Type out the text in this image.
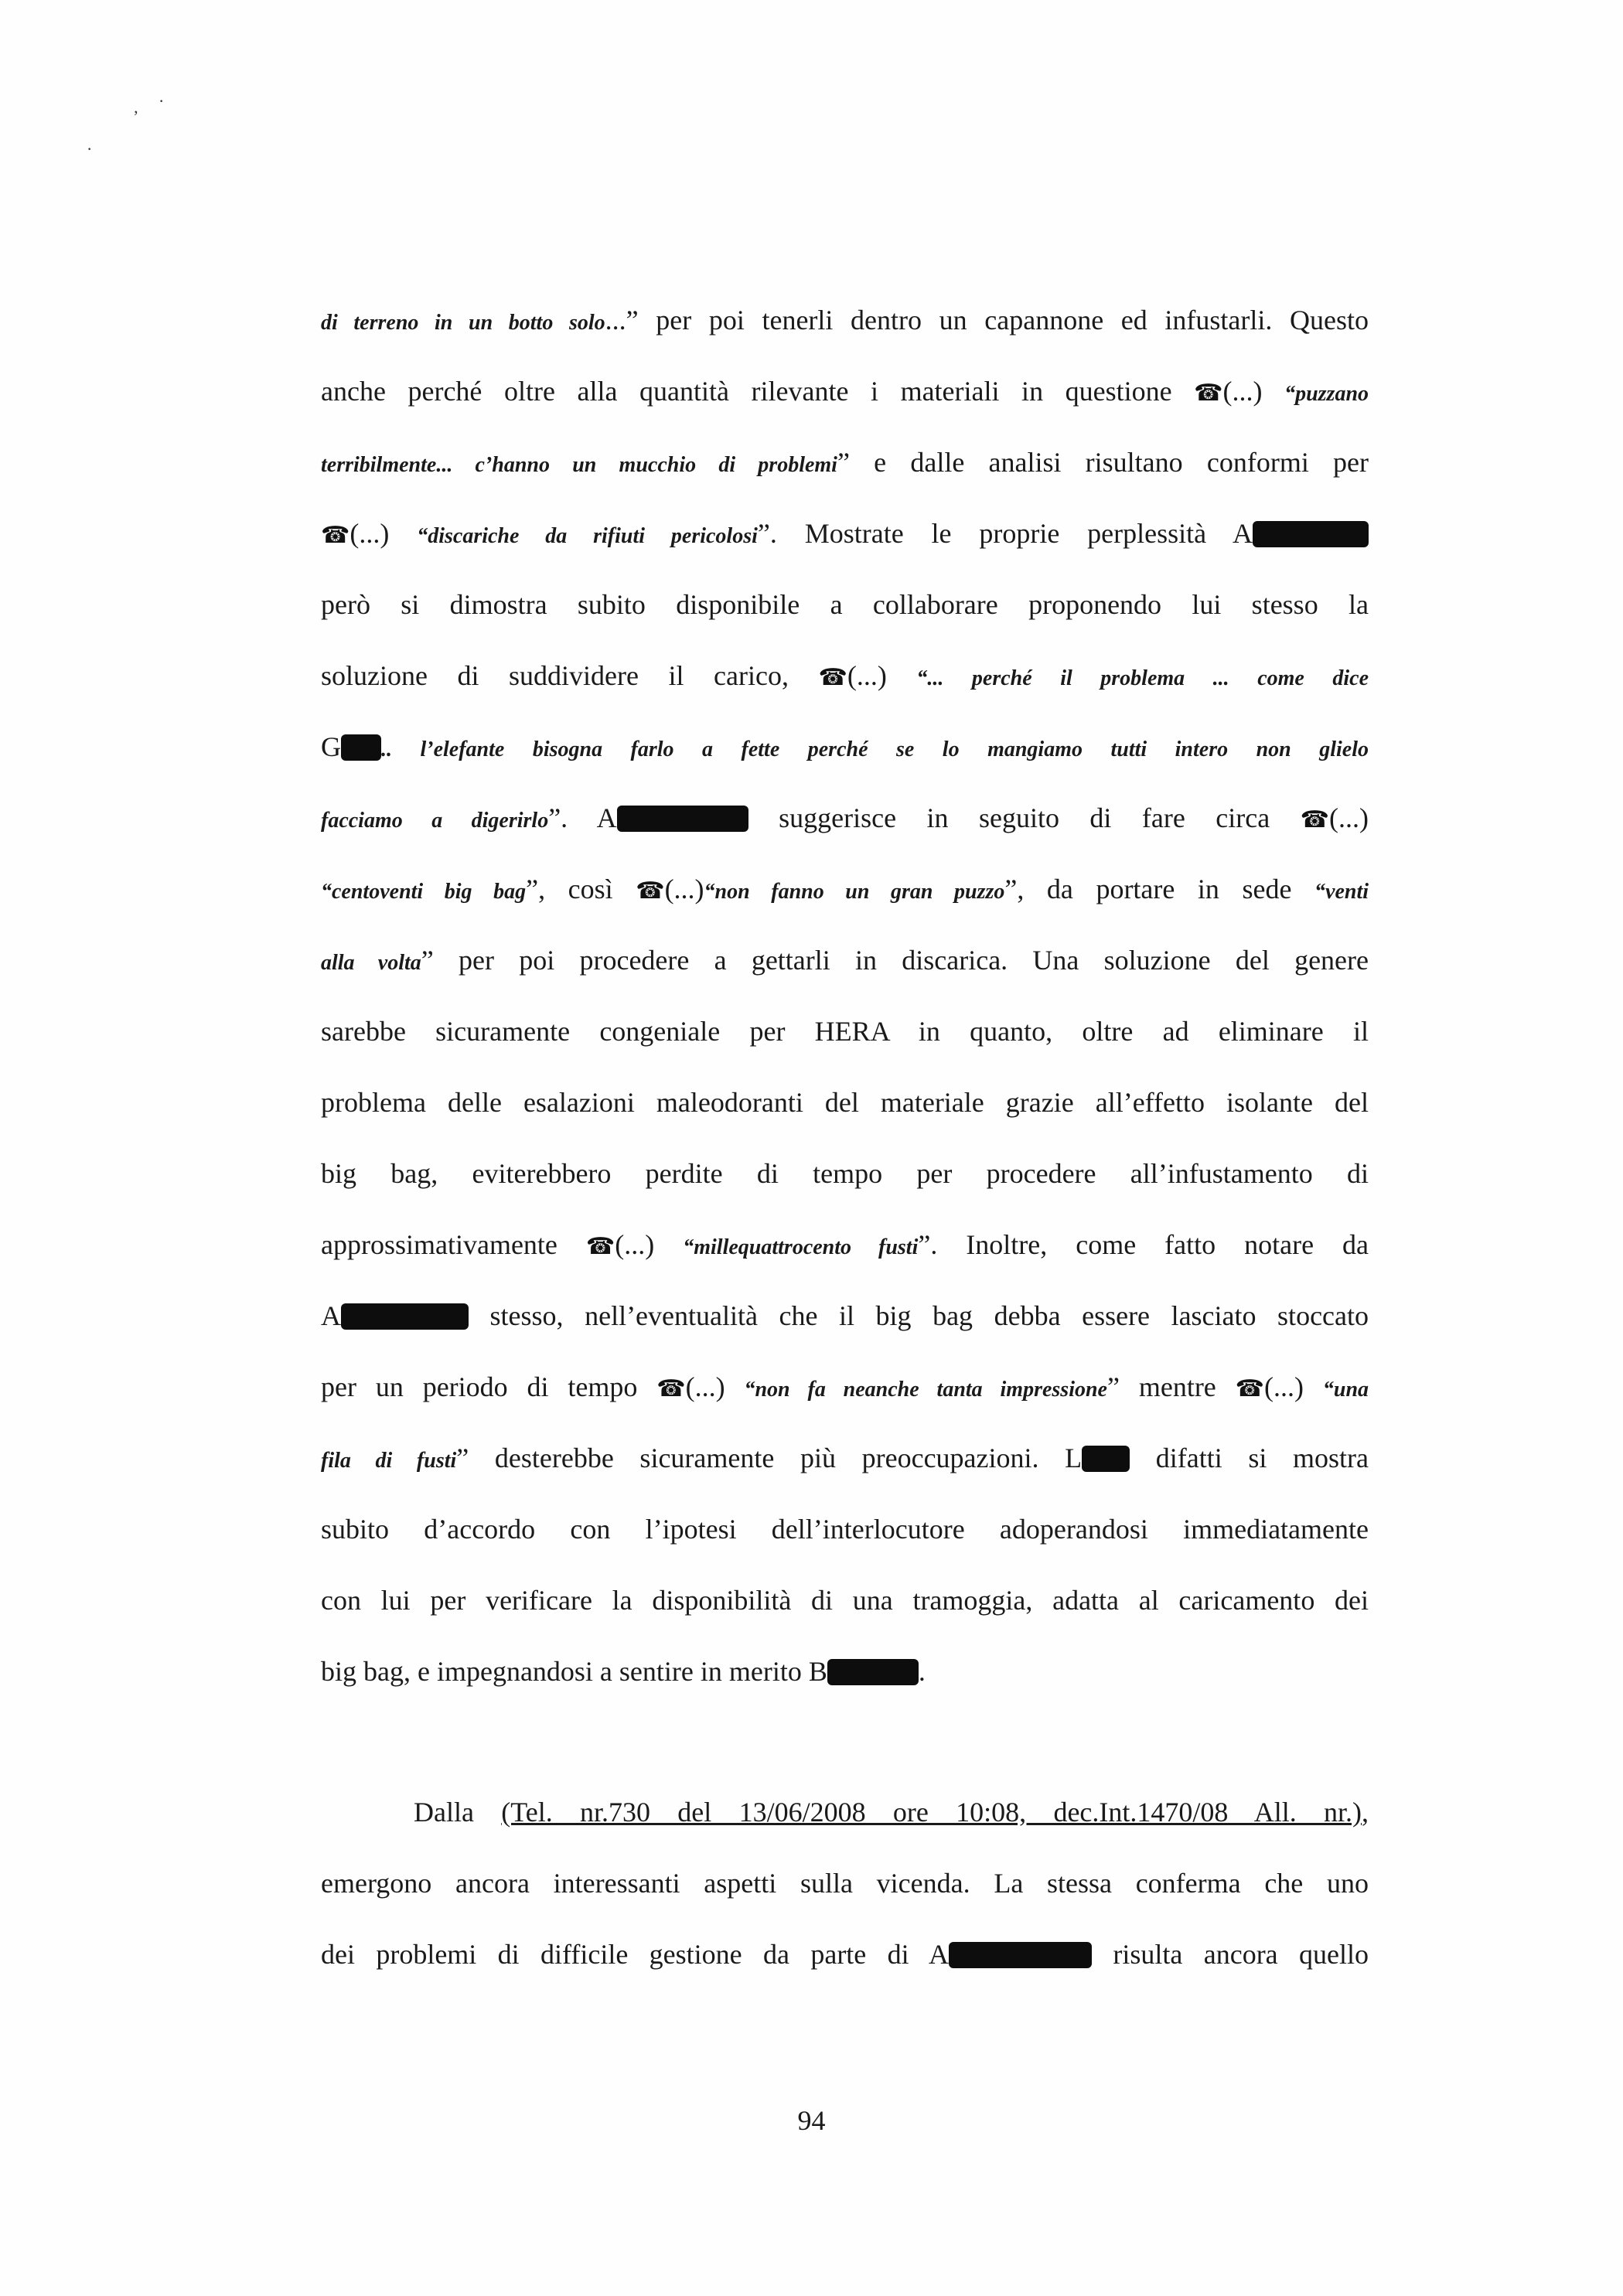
’
·
·
di terreno in un botto solo...” per poi tenerli dentro un capannone ed infustarli. Questo
anche perché oltre alla quantità rilevante i materiali in questione ☎(...) “puzzano
terribilmente... c’hanno un mucchio di problemi” e dalle analisi risultano conformi per
☎(...) “discariche da rifiuti pericolosi”. Mostrate le proprie perplessità A
però si dimostra subito disponibile a collaborare proponendo lui stesso la
soluzione di suddividere il carico, ☎(...) “... perché il problema ... come dice
G .. l’elefante bisogna farlo a fette perché se lo mangiamo tutti intero non glielo
facciamo a digerirlo”. A	suggerisce in seguito di fare circa ☎(...)
“centoventi big bag”, così ☎(...)“non fanno un gran puzzo”, da portare in sede “venti
alla volta” per poi procedere a gettarli in discarica. Una soluzione del genere
sarebbe sicuramente congeniale per HERA in quanto, oltre ad eliminare il
problema delle esalazioni maleodoranti del materiale grazie all’effetto isolante del
big bag, eviterebbero perdite di tempo per procedere all’infustamento di
approssimativamente ☎(...) “millequattrocento fusti”. Inoltre, come fatto notare da
A	stesso, nell’eventualità che il big bag debba essere lasciato stoccato
per un periodo di tempo ☎(...) “non fa neanche tanta impressione” mentre ☎(...) “una
fila di fusti” desterebbe sicuramente più preoccupazioni. L	difatti si mostra
subito d’accordo con l’ipotesi dell’interlocutore adoperandosi immediatamente
con lui per verificare la disponibilità di una tramoggia, adatta al caricamento dei
big bag, e impegnandosi a sentire in merito B	.
Dalla (Tel. nr.730 del 13/06/2008 ore 10:08, dec.Int.1470/08 All. nr.),
emergono ancora interessanti aspetti sulla vicenda. La stessa conferma che uno
dei problemi di difficile gestione da parte di A	risulta ancora quello
94
